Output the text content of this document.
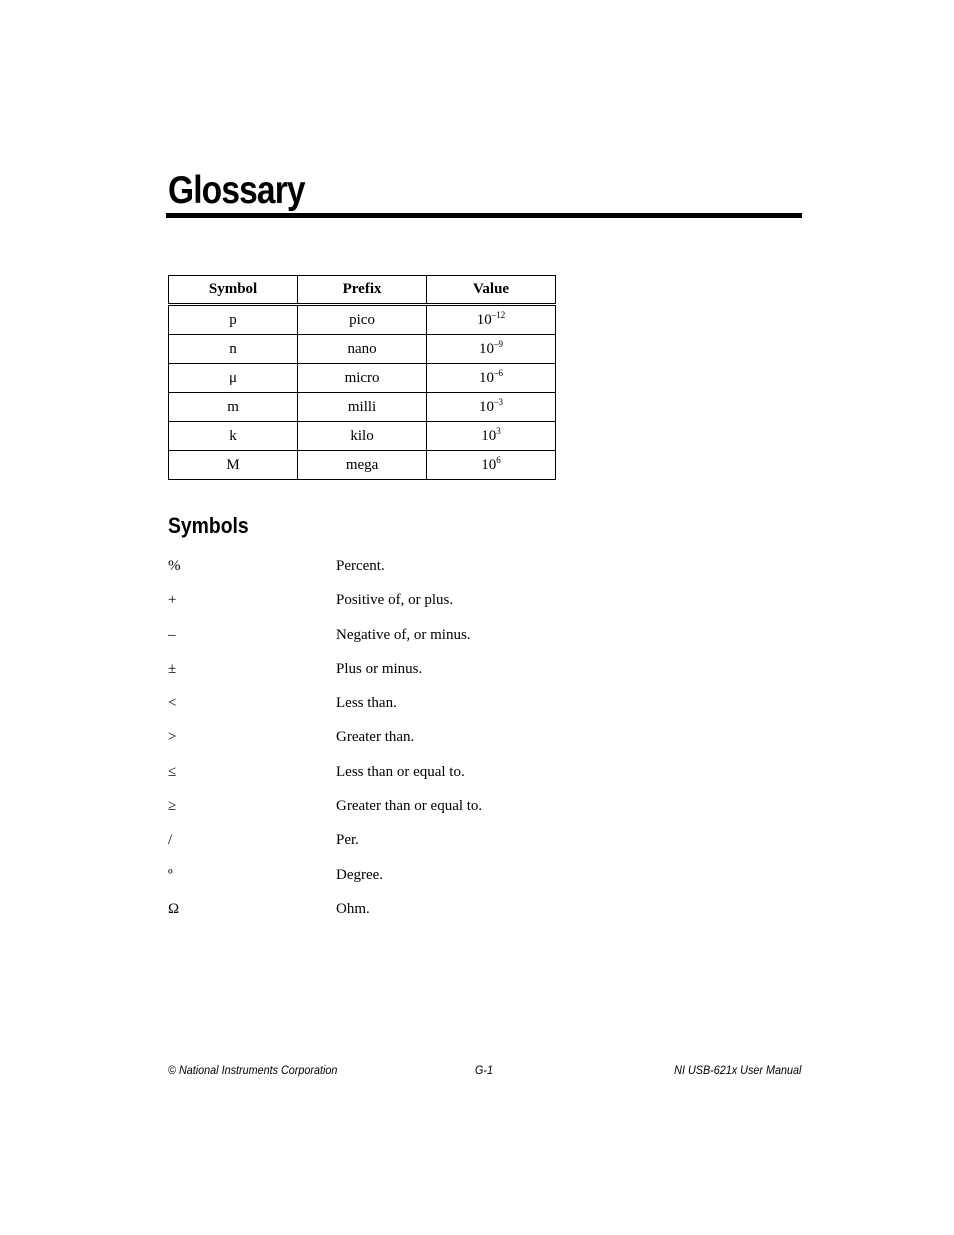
Glossary
Symbol	Prefix	Value
p	pico	$10^{-12}$
n	nano	$10^{-9}$
μ	micro	$10^{-6}$
m	milli	$10^{-3}$
k	kilo	$10^3$
M	mega	$10^6$
Symbols
%	Percent.
+	Positive of, or plus.
–	Negative of, or minus.
±	Plus or minus.
<	Less than.
>	Greater than.
≤	Less than or equal to.
≥	Greater than or equal to.
/	Per.
º	Degree.
Ω	Ohm.
© National Instruments Corporation	G-1	NI USB-621x User Manual
